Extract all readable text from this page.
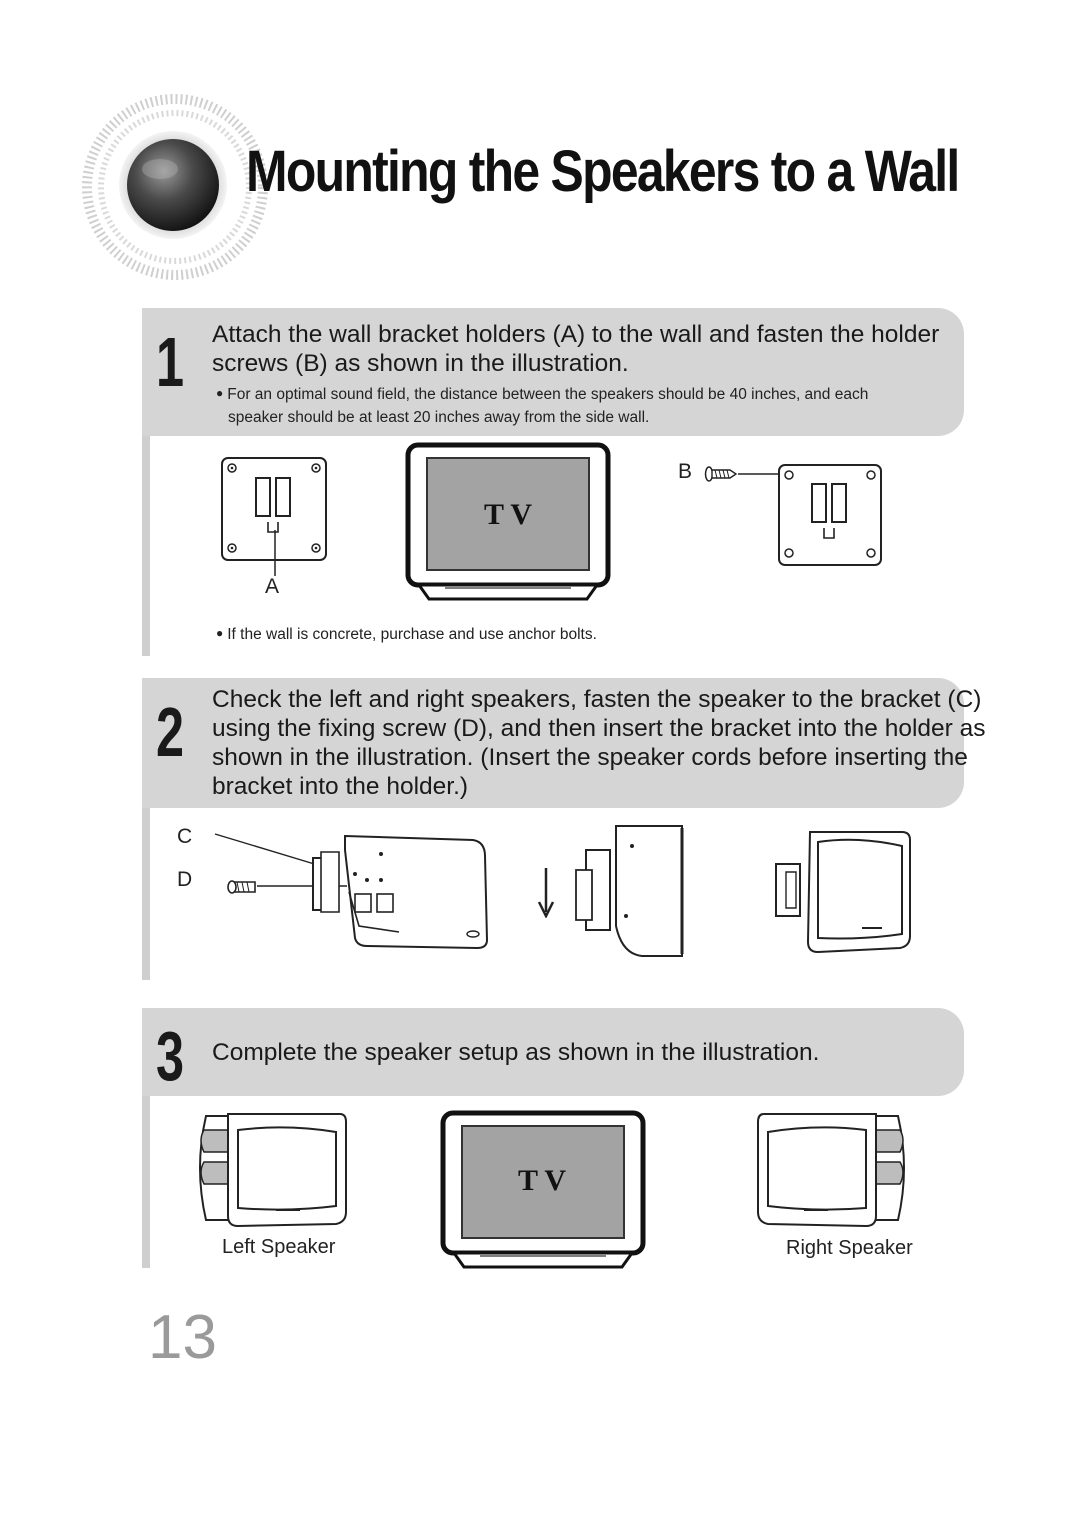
Mounting the Speakers to a Wall
1 Attach the wall bracket holders (A) to the wall and fasten the holder
screws (B) as shown in the illustration.
● For an optimal sound field, the distance between the speakers should be 40 inches, and each
speaker should be at least 20 inches away from the side wall.
A
T V
B
● If the wall is concrete, purchase and use anchor bolts.
2 Check the left and right speakers, fasten the speaker to the bracket (C)
using the fixing screw (D), and then insert the bracket into the holder as
shown in the illustration. (Insert the speaker cords before inserting the
bracket into the holder.)
C
D
3 Complete the speaker setup as shown in the illustration.
Left Speaker
T V
Right Speaker
13
